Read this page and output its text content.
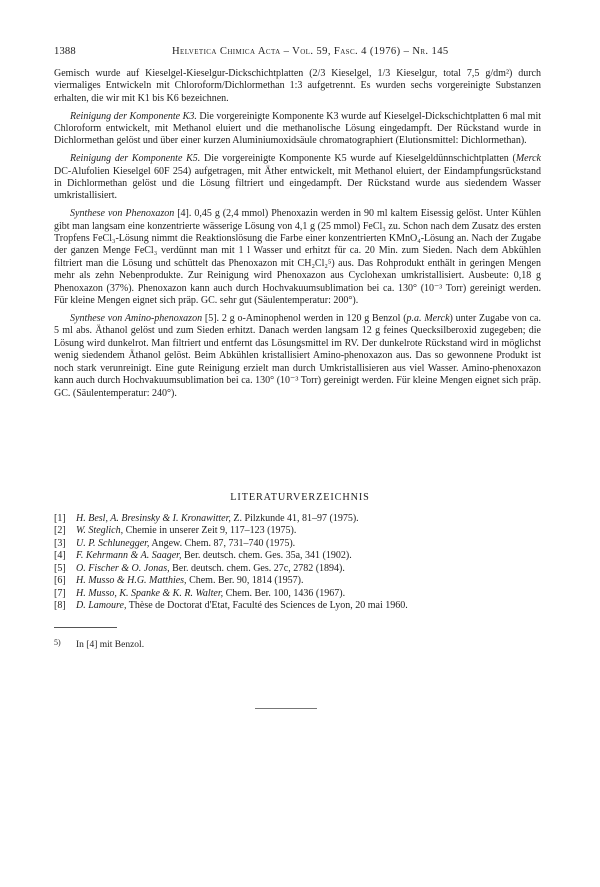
1388	Helvetica Chimica Acta – Vol. 59, Fasc. 4 (1976) – Nr. 145

Gemisch wurde auf Kieselgel-Kieselgur-Dickschichtplatten (2/3 Kieselgel, 1/3 Kieselgur, total 7,5 g/dm²) durch viermaliges Entwickeln mit Chloroform/Dichlormethan 1:3 aufgetrennt. Es wurden sechs vorgereinigte Substanzen erhalten, die wir mit K1 bis K6 bezeichnen.

Reinigung der Komponente K3. Die vorgereinigte Komponente K3 wurde auf Kieselgel-Dickschichtplatten 6 mal mit Chloroform entwickelt, mit Methanol eluiert und die methanolische Lösung eingedampft. Der Rückstand wurde in Dichlormethan gelöst und über einer kurzen Aluminiumoxidsäule chromatographiert (Elutionsmittel: Dichlormethan).

Reinigung der Komponente K5. Die vorgereinigte Komponente K5 wurde auf Kieselgeldünnschichtplatten (Merck DC-Alufolien Kieselgel 60F 254) aufgetragen, mit Äther entwickelt, mit Methanol eluiert, der Eindampfungsrückstand in Dichlormethan gelöst und die Lösung filtriert und eingedampft. Der Rückstand wurde aus siedendem Wasser umkristallisiert.

Synthese von Phenoxazon [4]. 0,45 g (2,4 mmol) Phenoxazin werden in 90 ml kaltem Eisessig gelöst. Unter Kühlen gibt man langsam eine konzentrierte wässerige Lösung von 4,1 g (25 mmol) FeCl₃ zu. Schon nach dem Zusatz des ersten Tropfens FeCl₃-Lösung nimmt die Reaktionslösung die Farbe einer konzentrierten KMnO₄-Lösung an. Nach der Zugabe der ganzen Menge FeCl₃ verdünnt man mit 1 l Wasser und erhitzt für ca. 20 Min. zum Sieden. Nach dem Abkühlen filtriert man die Lösung und schüttelt das Phenoxazon mit CH₂Cl₂⁵) aus. Das Rohprodukt enthält in geringen Mengen mehr als zehn Nebenprodukte. Zur Reinigung wird Phenoxazon aus Cyclohexan umkristallisiert. Ausbeute: 0,18 g Phenoxazon (37%). Phenoxazon kann auch durch Hochvakuumsublimation bei ca. 130° (10⁻³ Torr) gereinigt werden. Für kleine Mengen eignet sich präp. GC. sehr gut (Säulentemperatur: 200°).

Synthese von Amino-phenoxazon [5]. 2 g o-Aminophenol werden in 120 g Benzol (p.a. Merck) unter Zugabe von ca. 5 ml abs. Äthanol gelöst und zum Sieden erhitzt. Danach werden langsam 12 g feines Quecksilberoxid zugegeben; die Lösung wird dunkelrot. Man filtriert und entfernt das Lösungsmittel im RV. Der dunkelrote Rückstand wird in möglichst wenig siedendem Äthanol gelöst. Beim Abkühlen kristallisiert Amino-phenoxazon aus. Das so gewonnene Produkt ist noch stark verunreinigt. Eine gute Reinigung erzielt man durch Umkristallisieren aus viel Wasser. Amino-phenoxazon kann auch durch Hochvakuumsublimation bei ca. 130° (10⁻³ Torr) gereinigt werden. Für kleine Mengen eignet sich präp. GC. (Säulentemperatur: 240°).

LITERATURVERZEICHNIS
[1]	H. Besl, A. Bresinsky & I. Kronawitter, Z. Pilzkunde 41, 81–97 (1975).
[2]	W. Steglich, Chemie in unserer Zeit 9, 117–123 (1975).
[3]	U. P. Schlunegger, Angew. Chem. 87, 731–740 (1975).
[4]	F. Kehrmann & A. Saager, Ber. deutsch. chem. Ges. 35a, 341 (1902).
[5]	O. Fischer & O. Jonas, Ber. deutsch. chem. Ges. 27c, 2782 (1894).
[6]	H. Musso & H.G. Matthies, Chem. Ber. 90, 1814 (1957).
[7]	H. Musso, K. Spanke & K. R. Walter, Chem. Ber. 100, 1436 (1967).
[8]	D. Lamoure, Thèse de Doctorat d'Etat, Faculté des Sciences de Lyon, 20 mai 1960.
5) In [4] mit Benzol.
